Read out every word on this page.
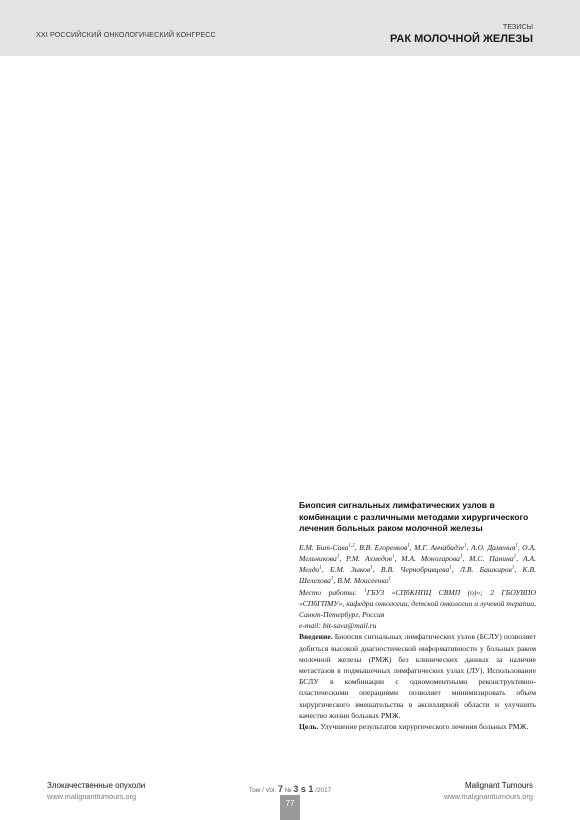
XXI РОССИЙСКИЙ ОНКОЛОГИЧЕСКИЙ КОНГРЕСС
ТЕЗИСЫ
РАК МОЛОЧНОЙ ЖЕЛЕЗЫ
Биопсия сигнальных лимфатических узлов в комбинации с различными методами хирургического лечения больных раком молочной железы

Е.М. Бит-Сава$^{1,2}$, В.В. Егоренков$^1$, М.Г. Анчабадзе$^1$, А.О. Дамения$^1$, О.А. Мельникова$^1$, Р.М. Ахмедов$^1$, М.А. Моногарова$^1$, М.С. Панина$^1$, А.А. Мелдо$^1$, Е.М. Зыков$^1$, В.В. Чернобривцева$^1$, Л.В. Башкиров$^1$, К.В. Шелехова$^1$, В.М. Моисеенко$^1$

Место работы: $^1$ГБУЗ «СПбКНПЦ СВМП (о)»; 2 ГБОУВПО «СПбГПМУ», кафедра онкологии, детской онкологии и лучевой терапии, Санкт-Петербург, Россия

e-mail: bit-sava@mail.ru

Введение. Биопсия сигнальных лимфатических узлов (БСЛУ) позволяет добиться высокой диагностической информативности у больных раком молочной железы (РМЖ) без клинических данных за наличие метастазов в подмышечных лимфатических узлах (ЛУ). Использование БСЛУ в комбинации с одномоментными реконструктивно-пластическими операциями позволяет минимизировать объем хирургического вмешательства в аксиллярной области и улучшить качество жизни больных РМЖ.

Цель. Улучшение результатов хирургического лечения больных РМЖ.

Злокачественные опухоли
www.malignanttumours.org
Том / Vol. 7 № 3 s 1 /2017
77
Malignant Tumours
www.malignanttumours.org
